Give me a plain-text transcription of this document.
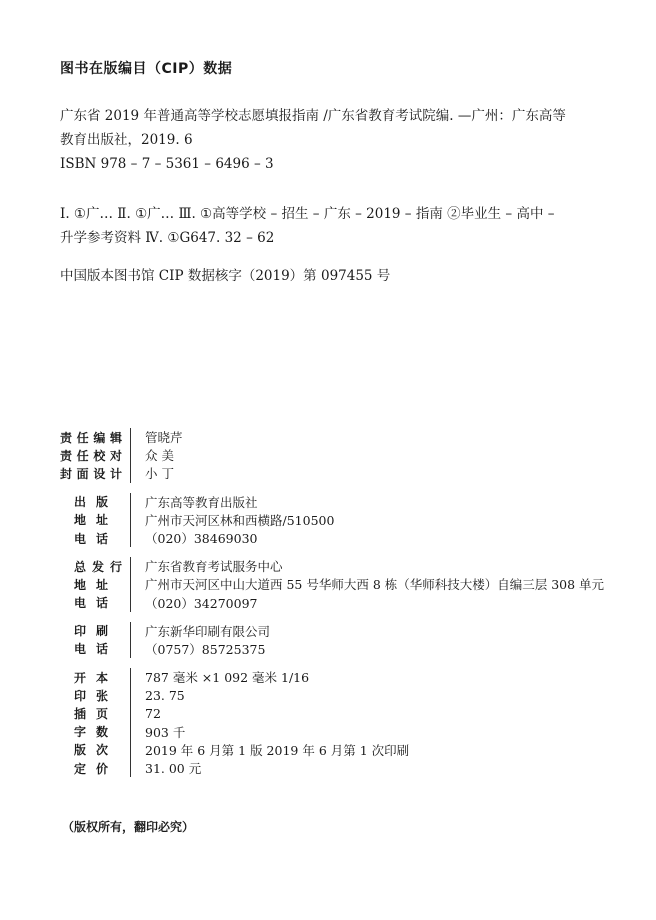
图书在版编目（CIP）数据
广东省 2019 年普通高等学校志愿填报指南 /广东省教育考试院编. —广州：广东高等
教育出版社，2019. 6
ISBN 978 – 7 – 5361 – 6496 – 3
Ⅰ. ①广… Ⅱ. ①广… Ⅲ. ①高等学校 – 招生 – 广东 – 2019 – 指南 ②毕业生 – 高中 –
升学参考资料 Ⅳ. ①G647. 32 – 62
中国版本图书馆 CIP 数据核字（2019）第 097455 号
责任编辑	管晓芹
责任校对	众 美
封面设计	小 丁
出 版	广东高等教育出版社
地 址	广州市天河区林和西横路/510500
电 话	（020）38469030
总发行	广东省教育考试服务中心
地 址	广州市天河区中山大道西 55 号华师大西 8 栋（华师科技大楼）自编三层 308 单元
电 话	（020）34270097
印 刷	广东新华印刷有限公司
电 话	（0757）85725375
开 本	787 毫米 ×1 092 毫米 1/16
印 张	23. 75
插 页	72
字 数	903 千
版 次	2019 年 6 月第 1 版 2019 年 6 月第 1 次印刷
定 价	31. 00 元
（版权所有，翻印必究）
